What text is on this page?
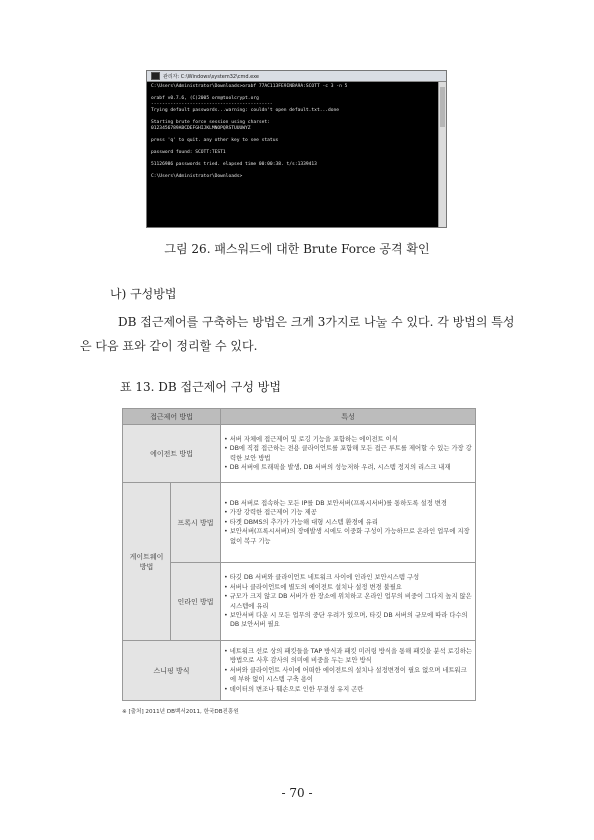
관리자: C:\Windows\system32\cmd.exe
C:\Users\Administrator\Downloads>orabf 77AC113FE9INBA9A:SCOTT -c 3 -n 5

orabf v0.7.6, (C)2005 orm@toolcrypt.org
--------------------------------------------
Trying default passwords...warning: couldn't open default.txt...done

Starting brute force session using charset:
0123456789ABCDEFGHIJKLMNOPQRSTUUUWYZ

press 'q' to quit. any other key to see status

password found: SCOTT:TEST1

51126986 passwords tried. elapsed time 00:00:38. t/s:1339413

C:\Users\Administrator\Downloads>
그림 26. 패스워드에 대한 Brute Force 공격 확인
나) 구성방법
DB 접근제어를 구축하는 방법은 크게 3가지로 나눌 수 있다. 각 방법의 특성은 다음 표와 같이 정리할 수 있다.
표 13. DB 접근제어 구성 방법
접근제어 방법		특성
에이전트 방법		• 서버 자체에 접근제어 및 로깅 기능을 포함하는 에이전트 이식
• DB에 직접 접근하는 전용 클라이언트를 포함해 모든 접근 루트를 제어할 수 있는 가장 강력한 보안 방법
• DB 서버에 트래픽을 발생, DB 서버의 성능저하 우려, 시스템 정지의 리스크 내재

게이트웨이 방법	프록시 방법	• DB 서버로 접속하는 모든 IP를 DB 보안서버(프록시서버)를 통하도록 설정 변경
• 가장 강력한 접근제어 기능 제공
• 타겟 DBMS의 추가가 가능해 대형 시스템 환경에 유리
• 보안서버(프록시서버)의 장애발생 시에도 이중화 구성이 가능하므로 온라인 업무에 지장 없이 복구 기능

	인라인 방법	• 타깃 DB 서버와 클라이언트 네트워크 사이에 인라인 보안시스템 구성
• 서버나 클라이언트에 별도의 에이전트 설치나 설정 변경 불필요
• 규모가 크지 않고 DB 서버가 한 장소에 위치하고 온라인 업무의 비중이 그다지 높지 않은 시스템에 유리
• 보안서버 다운 시 모든 업무의 중단 우려가 있으며, 타깃 DB 서버의 규모에 따라 다수의 DB 보안서버 필요

스니핑 방식		• 네트워크 선로 상의 패킷들을 TAP 방식과 패킷 미러링 방식을 통해 패킷을 분석 로깅하는 방법으로 사후 감사의 의미에 비중을 두는 보안 방식
• 서버와 클라이언트 사이에 어떠한 에이전트의 설치나 설정변경이 필요 없으며 네트워크에 부하 없이 시스템 구축 용이
• 데이터의 변조나 훼손으로 인한 무결성 유지 곤란
※ [출처] 2011년 DB백서2011, 한국DB진흥원
- 70 -
